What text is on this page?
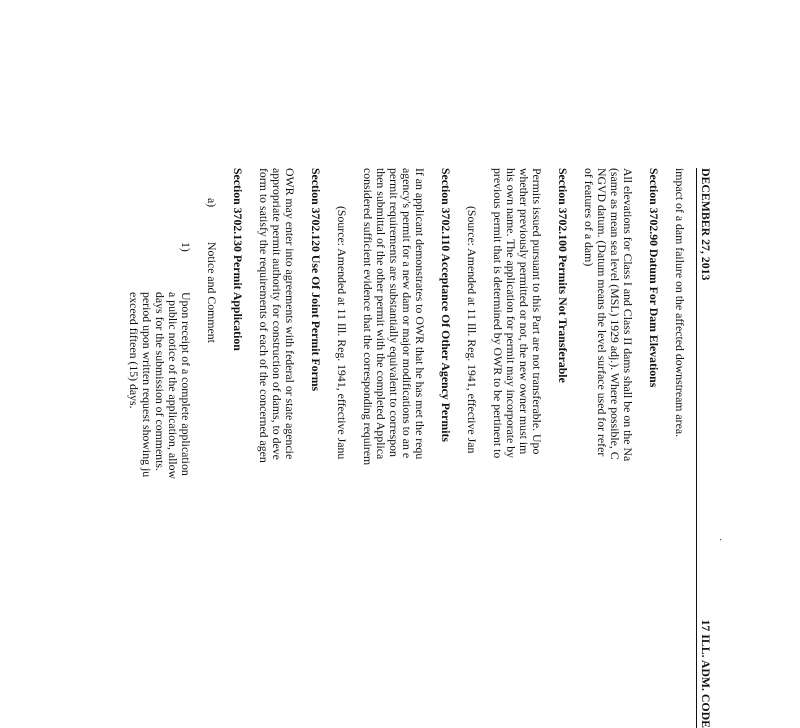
DECEMBER 27, 2013
17 ILL. ADM. CODE
·
impact of a dam failure on the affected downstream area.
Section 3702.90 Datum For Dam Elevations
All elevations for Class I and Class II dams shall be on the Na
(same as mean sea level (MSL) 1929 adj.). Where possible, C
NGVD datum. (Datum means the level surface used for refer
of features of a dam)
Section 3702.100 Permits Not Transferable
Permits issued pursuant to this Part are not transferable. Upo
whether previously permitted or not, the new owner must im
his own name. The application for permit may incorporate by
previous permit that is determined by OWR to be pertinent to
(Source: Amended at 11 Ill. Reg. 1941, effective Jan
Section 3702.110 Acceptance Of Other Agency Permits
If an applicant demonstrates to OWR that he has met the requ
agency's permit for a new dam or major modifications to an e
permit requirements are substantially equivalent to correspon
then submittal of the other permit with the completed Applica
considered sufficient evidence that the corresponding requirem
(Source: Amended at 11 Ill. Reg. 1941, effective Janu
Section 3702.120 Use Of Joint Permit Forms
OWR may enter into agreements with federal or state agencie
appropriate permit authority for construction of dams, to deve
form to satisfy the requirements of each of the concerned agen
Section 3702.130 Permit Application
a)
Notice and Comment
1)
Upon receipt of a complete application
a public notice of the application, allow
days for the submission of comments.
period upon written request showing ju
exceed fifteen (15) days.
